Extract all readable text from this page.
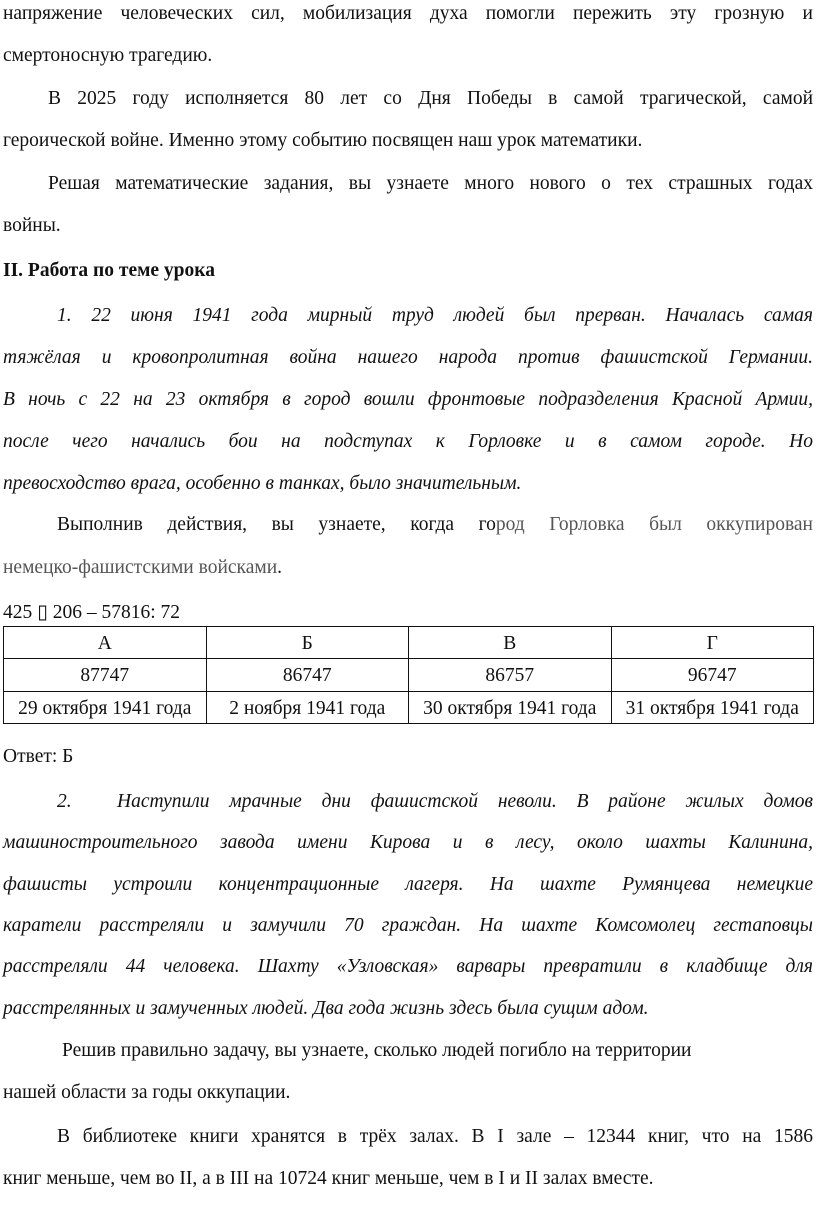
напряжение человеческих сил, мобилизация духа помогли пережить эту грозную и
смертоносную трагедию.
В 2025 году исполняется 80 лет со Дня Победы в самой трагической, самой
героической войне. Именно этому событию посвящен наш урок математики.
Решая математические задания, вы узнаете много нового о тех страшных годах
войны.
II. Работа по теме урока
1. 22 июня 1941 года мирный труд людей был прерван. Началась самая
тяжёлая и кровопролитная война нашего народа против фашистской Германии.
В ночь с 22 на 23 октября в город вошли фронтовые подразделения Красной Армии,
после чего начались бои на подступах к Горловке и в самом городе. Но
превосходство врага, особенно в танках, было значительным.
Выполнив действия, вы узнаете, когда город Горловка был оккупирован
немецко-фашистскими войсками.
425 ▯ 206 – 57816: 72
А	Б	В	Г
87747	86747	86757	96747
29 октября 1941 года	2 ноября 1941 года	30 октября 1941 года	31 октября 1941 года
Ответ: Б
2. Наступили мрачные дни фашистской неволи. В районе жилых домов
машиностроительного завода имени Кирова и в лесу, около шахты Калинина,
фашисты устроили концентрационные лагеря. На шахте Румянцева немецкие
каратели расстреляли и замучили 70 граждан. На шахте Комсомолец гестаповцы
расстреляли 44 человека. Шахту «Узловская» варвары превратили в кладбище для
расстрелянных и замученных людей. Два года жизнь здесь была сущим адом.
Решив правильно задачу, вы узнаете, сколько людей погибло на территории
нашей области за годы оккупации.
В библиотеке книги хранятся в трёх залах. В I зале – 12344 книг, что на 1586
книг меньше, чем во II, а в III на 10724 книг меньше, чем в I и II залах вместе.
